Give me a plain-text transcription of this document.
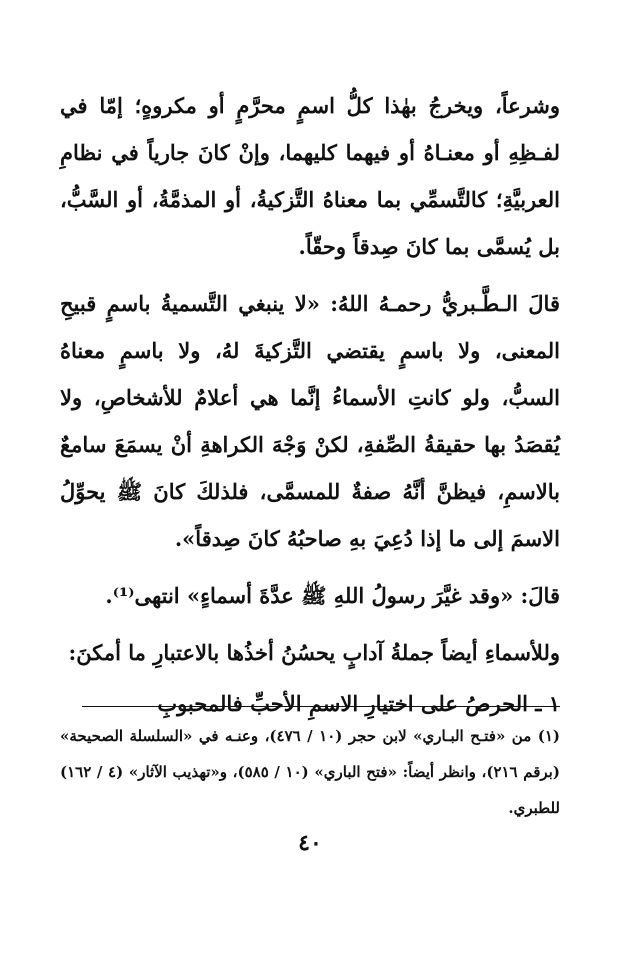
وشرعاً، ويخرجُ بهٰذا كلُّ اسمٍ محرَّمٍ أو مكروهٍ؛ إمّا في لفـظِهِ أو معنـاهُ أو فيهما كليهما، وإنْ كانَ جارياً في نظامِ العربيَّةِ؛ كالتَّسمِّي بما معناهُ التَّزكيةُ، أو المذمَّةُ، أو السَّبُّ، بل يُسمَّى بما كانَ صِدقاً وحقّاً.

قالَ الـطَّـبريُّ رحمـهُ اللهُ: «لا ينبغي التَّسميةُ باسمٍ قبيحِ المعنى، ولا باسمٍ يقتضي التَّزكيةَ لهُ، ولا باسمٍ معناهُ السبُّ، ولو كانتِ الأسماءُ إنَّما هي أعلامٌ للأشخاصِ، ولا يُقصَدُ بها حقيقةُ الصِّفةِ، لكنْ وَجْهَ الكراهةِ أنْ يسمَعَ سامعٌ بالاسمِ، فيظنَّ أنَّهُ صفةٌ للمسمَّى، فلذلكَ كانَ ﷺ يحوِّلُ الاسمَ إلى ما إذا دُعِيَ بهِ صاحبُهُ كانَ صِدقاً».

قالَ: «وقد غيَّرَ رسولُ اللهِ ﷺ عدَّةَ أسماءٍ» انتهى⁽¹⁾.

وللأسماءِ أيضاً جملةُ آدابٍ يحسُنُ أخذُها بالاعتبارِ ما أمكنَ:

١ ـ الحرصُ على اختيارِ الاسمِ الأحبِّ فالمحبوبِ

(١) من «فتـح البـاري» لابن حجر (١٠ / ٤٧٦)، وعنـه في «السلسلة الصحيحة» (برقم ٢١٦)، وانظر أيضاً: «فتح الباري» (١٠ / ٥٨٥)، و«تهذيب الآثار» (٤ / ١٦٢) للطبري.

٤٠
